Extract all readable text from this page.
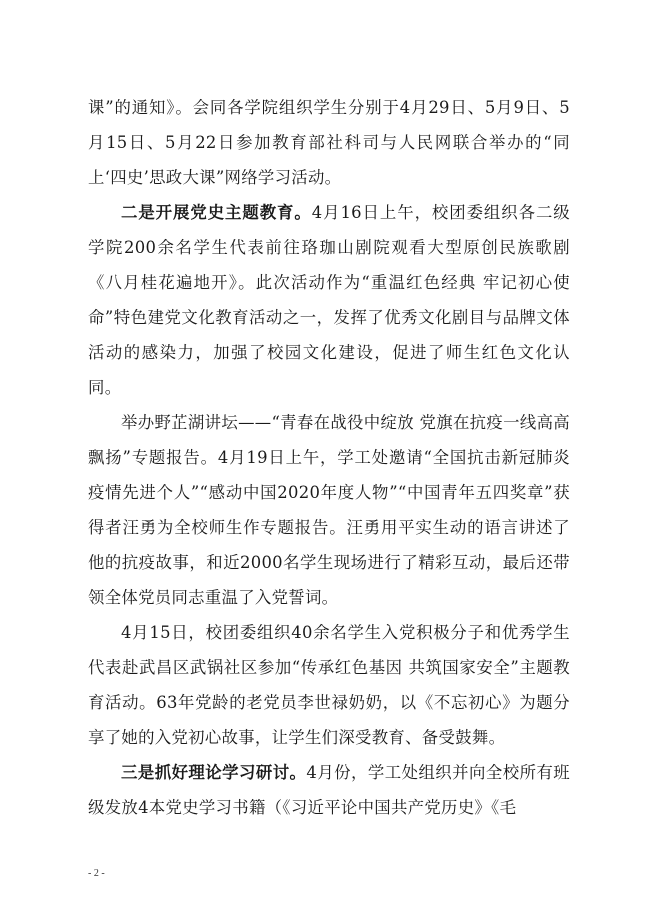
课”的通知》。会同各学院组织学生分别于4月29日、5月9日、5月15日、5月22日参加教育部社科司与人民网联合举办的“同上‘四史’思政大课”网络学习活动。

二是开展党史主题教育。4月16日上午，校团委组织各二级学院200余名学生代表前往珞珈山剧院观看大型原创民族歌剧《八月桂花遍地开》。此次活动作为“重温红色经典 牢记初心使命”特色建党文化教育活动之一，发挥了优秀文化剧目与品牌文体活动的感染力，加强了校园文化建设，促进了师生红色文化认同。

举办野芷湖讲坛——“青春在战役中绽放 党旗在抗疫一线高高飘扬”专题报告。4月19日上午，学工处邀请“全国抗击新冠肺炎疫情先进个人”“感动中国2020年度人物”“中国青年五四奖章”获得者汪勇为全校师生作专题报告。汪勇用平实生动的语言讲述了他的抗疫故事，和近2000名学生现场进行了精彩互动，最后还带领全体党员同志重温了入党誓词。

4月15日，校团委组织40余名学生入党积极分子和优秀学生代表赴武昌区武锅社区参加“传承红色基因 共筑国家安全”主题教育活动。63年党龄的老党员李世禄奶奶，以《不忘初心》为题分享了她的入党初心故事，让学生们深受教育、备受鼓舞。

三是抓好理论学习研讨。4月份，学工处组织并向全校所有班级发放4本党史学习书籍（《习近平论中国共产党历史》《毛

- 2 -
